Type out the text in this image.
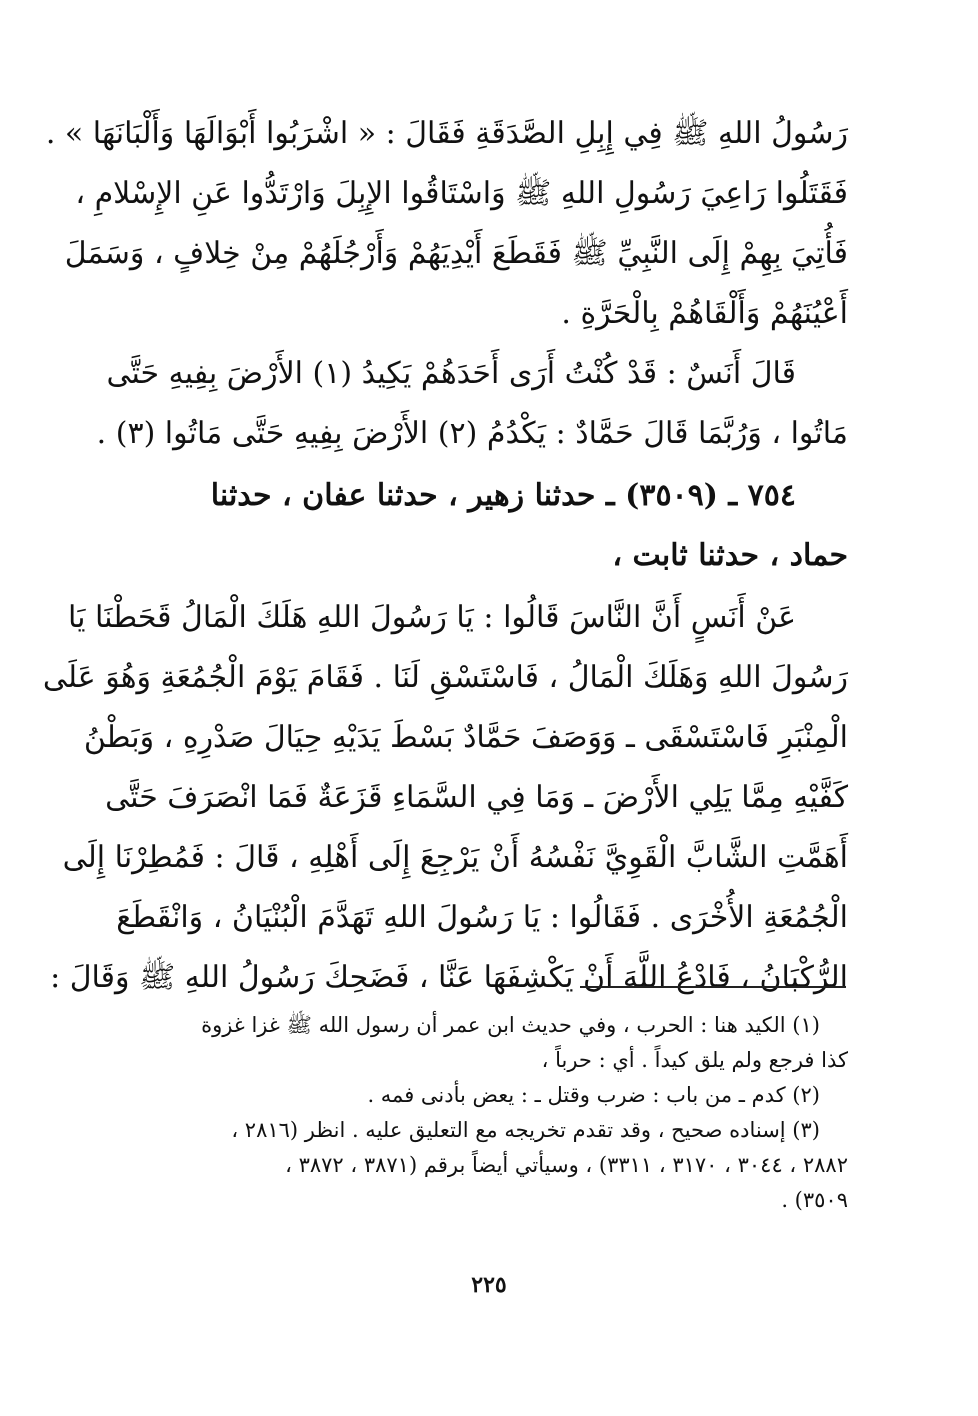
رَسُولُ اللهِ ﷺ فِي إِبِلِ الصَّدَقَةِ فَقَالَ : « اشْرَبُوا أَبْوَالَهَا وَأَلْبَانَهَا » .
فَقَتَلُوا رَاعِيَ رَسُولِ اللهِ ﷺ وَاسْتَاقُوا الإِبِلَ وَارْتَدُّوا عَنِ الإِسْلامِ ،
فَأُتِيَ بِهِمْ إِلَى النَّبِيِّ ﷺ فَقَطَعَ أَيْدِيَهُمْ وَأَرْجُلَهُمْ مِنْ خِلافٍ ، وَسَمَلَ
أَعْيُنَهُمْ وَأَلْقَاهُمْ بِالْحَرَّةِ .
قَالَ أَنَسٌ : قَدْ كُنْتُ أَرَى أَحَدَهُمْ يَكِيدُ (١) الأَرْضَ بِفِيهِ حَتَّى
مَاتُوا ، وَرُبَّمَا قَالَ حَمَّادٌ : يَكْدُمُ (٢) الأَرْضَ بِفِيهِ حَتَّى مَاتُوا (٣) .
٧٥٤ ـ (٣٥٠٩) ـ حدثنا زهير ، حدثنا عفان ، حدثنا
حماد ، حدثنا ثابت ،
عَنْ أَنَسٍ أَنَّ النَّاسَ قَالُوا : يَا رَسُولَ اللهِ هَلَكَ الْمَالُ قَحَطْنَا يَا
رَسُولَ اللهِ وَهَلَكَ الْمَالُ ، فَاسْتَسْقِ لَنَا . فَقَامَ يَوْمَ الْجُمُعَةِ وَهُوَ عَلَى
الْمِنْبَرِ فَاسْتَسْقَى ـ وَوَصَفَ حَمَّادٌ بَسْطَ يَدَيْهِ حِيَالَ صَدْرِهِ ، وَبَطْنُ
كَفَّيْهِ مِمَّا يَلِي الأَرْضَ ـ وَمَا فِي السَّمَاءِ قَزَعَةٌ فَمَا انْصَرَفَ حَتَّى
أَهَمَّتِ الشَّابَّ الْقَوِيَّ نَفْسُهُ أَنْ يَرْجِعَ إِلَى أَهْلِهِ ، قَالَ : فَمُطِرْنَا إِلَى
الْجُمُعَةِ الأُخْرَى . فَقَالُوا : يَا رَسُولَ اللهِ تَهَدَّمَ الْبُنْيَانُ ، وَانْقَطَعَ
الرُّكْبَانُ ، فَادْعُ اللَّهَ أَنْ يَكْشِفَهَا عَنَّا ، فَضَحِكَ رَسُولُ اللهِ ﷺ وَقَالَ :
(١) الكيد هنا : الحرب ، وفي حديث ابن عمر أن رسول الله ﷺ غزا غزوة
كذا فرجع ولم يلق كيداً . أي : حرباً ،
(٢) كدم ـ من باب : ضرب وقتل ـ : يعض بأدنى فمه .
(٣) إسناده صحيح ، وقد تقدم تخريجه مع التعليق عليه . انظر (٢٨١٦ ،
٢٨٨٢ ، ٣٠٤٤ ، ٣١٧٠ ، ٣٣١١) ، وسيأتي أيضاً برقم (٣٨٧١ ، ٣٨٧٢ ،
٣٥٠٩) .
٢٢٥
